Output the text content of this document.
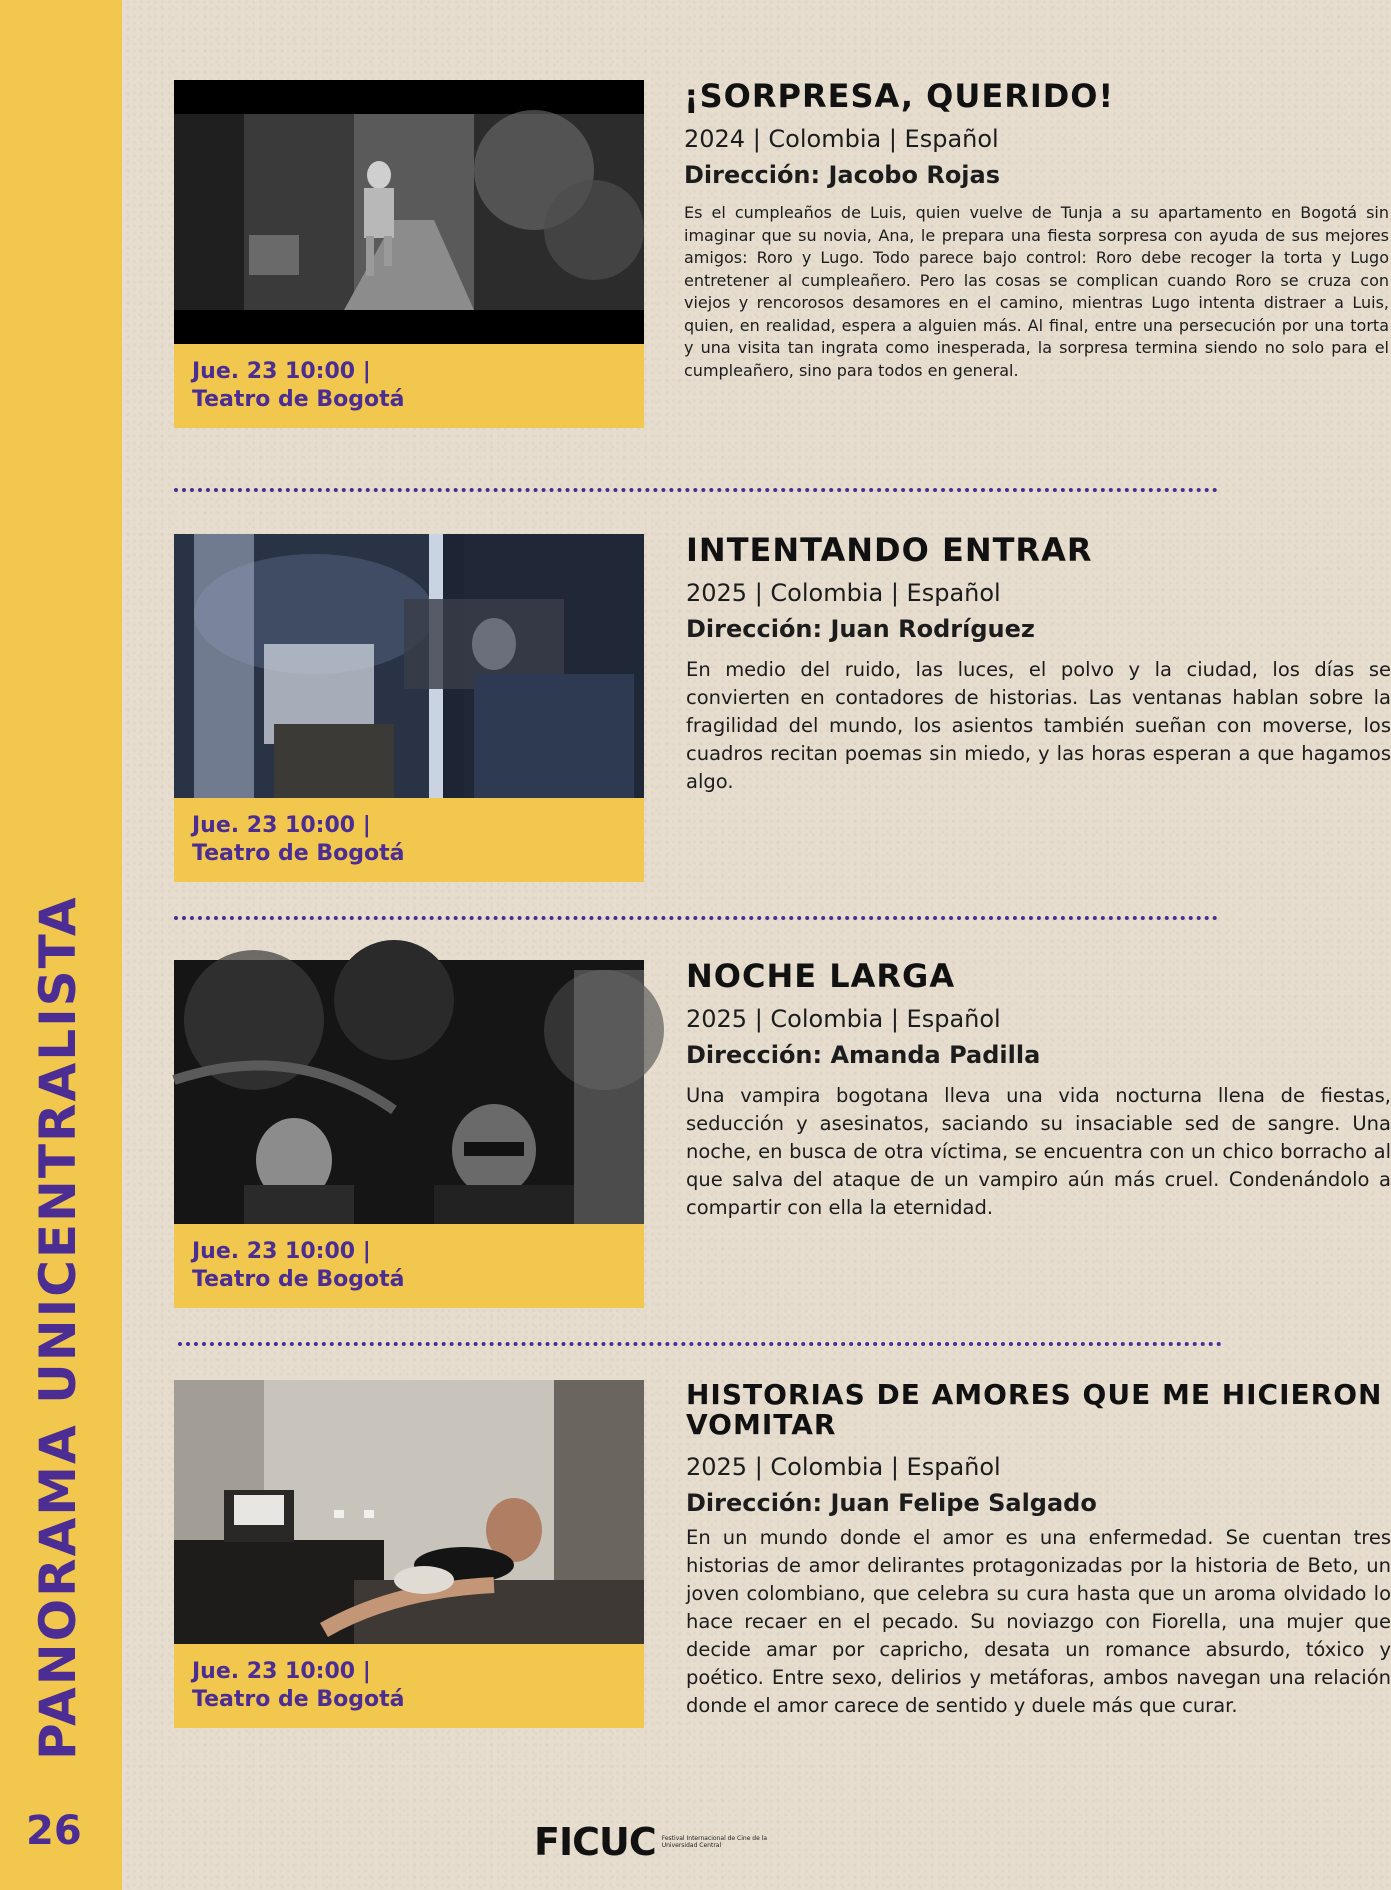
PANORAMA UNICENTRALISTA
26
Jue. 23 10:00 |
Teatro de Bogotá
¡SORPRESA, QUERIDO!
2024 | Colombia | Español
Dirección: Jacobo Rojas
Es el cumpleaños de Luis, quien vuelve de Tunja a su apartamento en Bogotá sin imaginar que su novia, Ana, le prepara una fiesta sorpresa con ayuda de sus mejores amigos: Roro y Lugo. Todo parece bajo control: Roro debe recoger la torta y Lugo entretener al cumpleañero. Pero las cosas se complican cuando Roro se cruza con viejos y rencorosos desamores en el camino, mientras Lugo intenta distraer a Luis, quien, en realidad, espera a alguien más. Al final, entre una persecución por una torta y una visita tan ingrata como inesperada, la sorpresa termina siendo no solo para el cumpleañero, sino para todos en general.
Jue. 23 10:00 |
Teatro de Bogotá
INTENTANDO ENTRAR
2025 | Colombia | Español
Dirección: Juan Rodríguez
En medio del ruido, las luces, el polvo y la ciudad, los días se convierten en contadores de historias. Las ventanas hablan sobre la fragilidad del mundo, los asientos también sueñan con moverse, los cuadros recitan poemas sin miedo, y las horas esperan a que hagamos algo.
Jue. 23 10:00 |
Teatro de Bogotá
NOCHE LARGA
2025 | Colombia | Español
Dirección: Amanda Padilla
Una vampira bogotana lleva una vida nocturna llena de fiestas, seducción y asesinatos, saciando su insaciable sed de sangre. Una noche, en busca de otra víctima, se encuentra con un chico borracho al que salva del ataque de un vampiro aún más cruel. Condenándolo a compartir con ella la eternidad.
Jue. 23 10:00 |
Teatro de Bogotá
HISTORIAS DE AMORES QUE ME HICIERON VOMITAR
2025 | Colombia | Español
Dirección: Juan Felipe Salgado
En un mundo donde el amor es una enfermedad. Se cuentan tres historias de amor delirantes protagonizadas por la historia de Beto, un joven colombiano, que celebra su cura hasta que un aroma olvidado lo hace recaer en el pecado. Su noviazgo con Fiorella, una mujer que decide amar por capricho, desata un romance absurdo, tóxico y poético. Entre sexo, delirios y metáforas, ambos navegan una relación donde el amor carece de sentido y duele más que curar.
FICUC Festival Internacional de Cine de la Universidad Central
